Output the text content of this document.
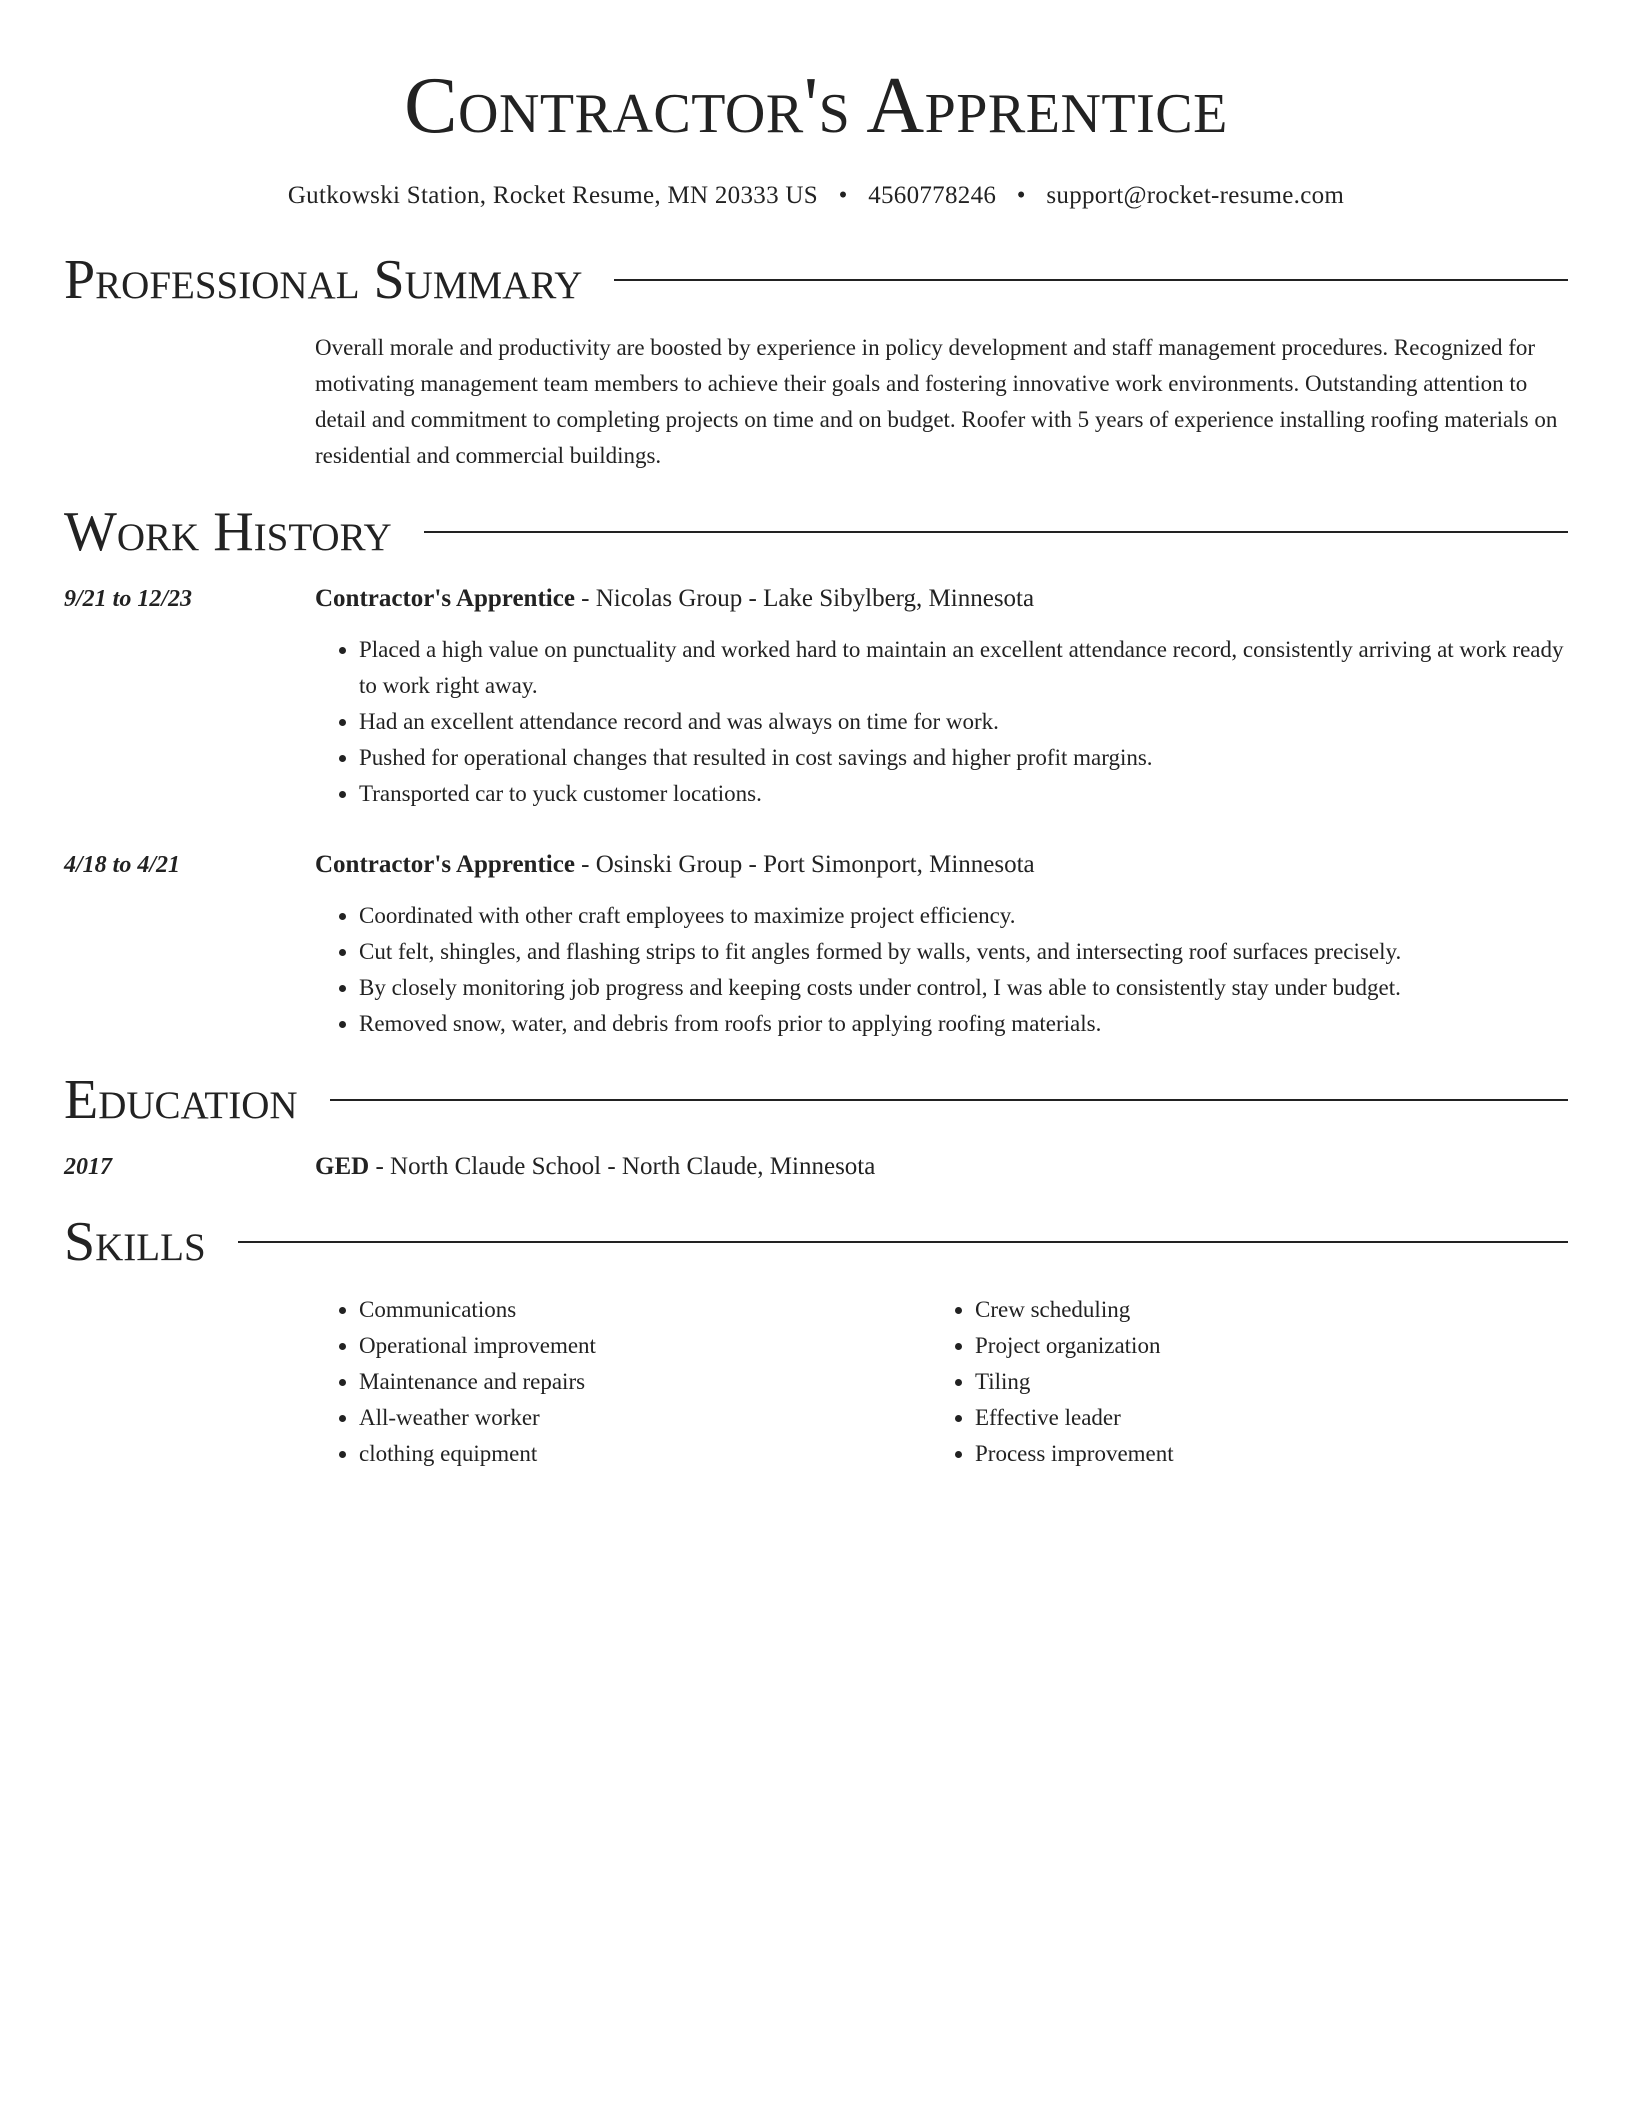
Contractor's Apprentice
Gutkowski Station, Rocket Resume, MN 20333 US • 4560778246 • support@rocket-resume.com
Professional Summary
Overall morale and productivity are boosted by experience in policy development and staff management procedures. Recognized for motivating management team members to achieve their goals and fostering innovative work environments. Outstanding attention to detail and commitment to completing projects on time and on budget. Roofer with 5 years of experience installing roofing materials on residential and commercial buildings.
Work History
9/21 to 12/23	Contractor's Apprentice - Nicolas Group - Lake Sibylberg, Minnesota
• Placed a high value on punctuality and worked hard to maintain an excellent attendance record, consistently arriving at work ready to work right away.
• Had an excellent attendance record and was always on time for work.
• Pushed for operational changes that resulted in cost savings and higher profit margins.
• Transported car to yuck customer locations.
4/18 to 4/21	Contractor's Apprentice - Osinski Group - Port Simonport, Minnesota
• Coordinated with other craft employees to maximize project efficiency.
• Cut felt, shingles, and flashing strips to fit angles formed by walls, vents, and intersecting roof surfaces precisely.
• By closely monitoring job progress and keeping costs under control, I was able to consistently stay under budget.
• Removed snow, water, and debris from roofs prior to applying roofing materials.
Education
2017	GED - North Claude School - North Claude, Minnesota
Skills
• Communications
• Operational improvement
• Maintenance and repairs
• All-weather worker
• clothing equipment
• Crew scheduling
• Project organization
• Tiling
• Effective leader
• Process improvement
